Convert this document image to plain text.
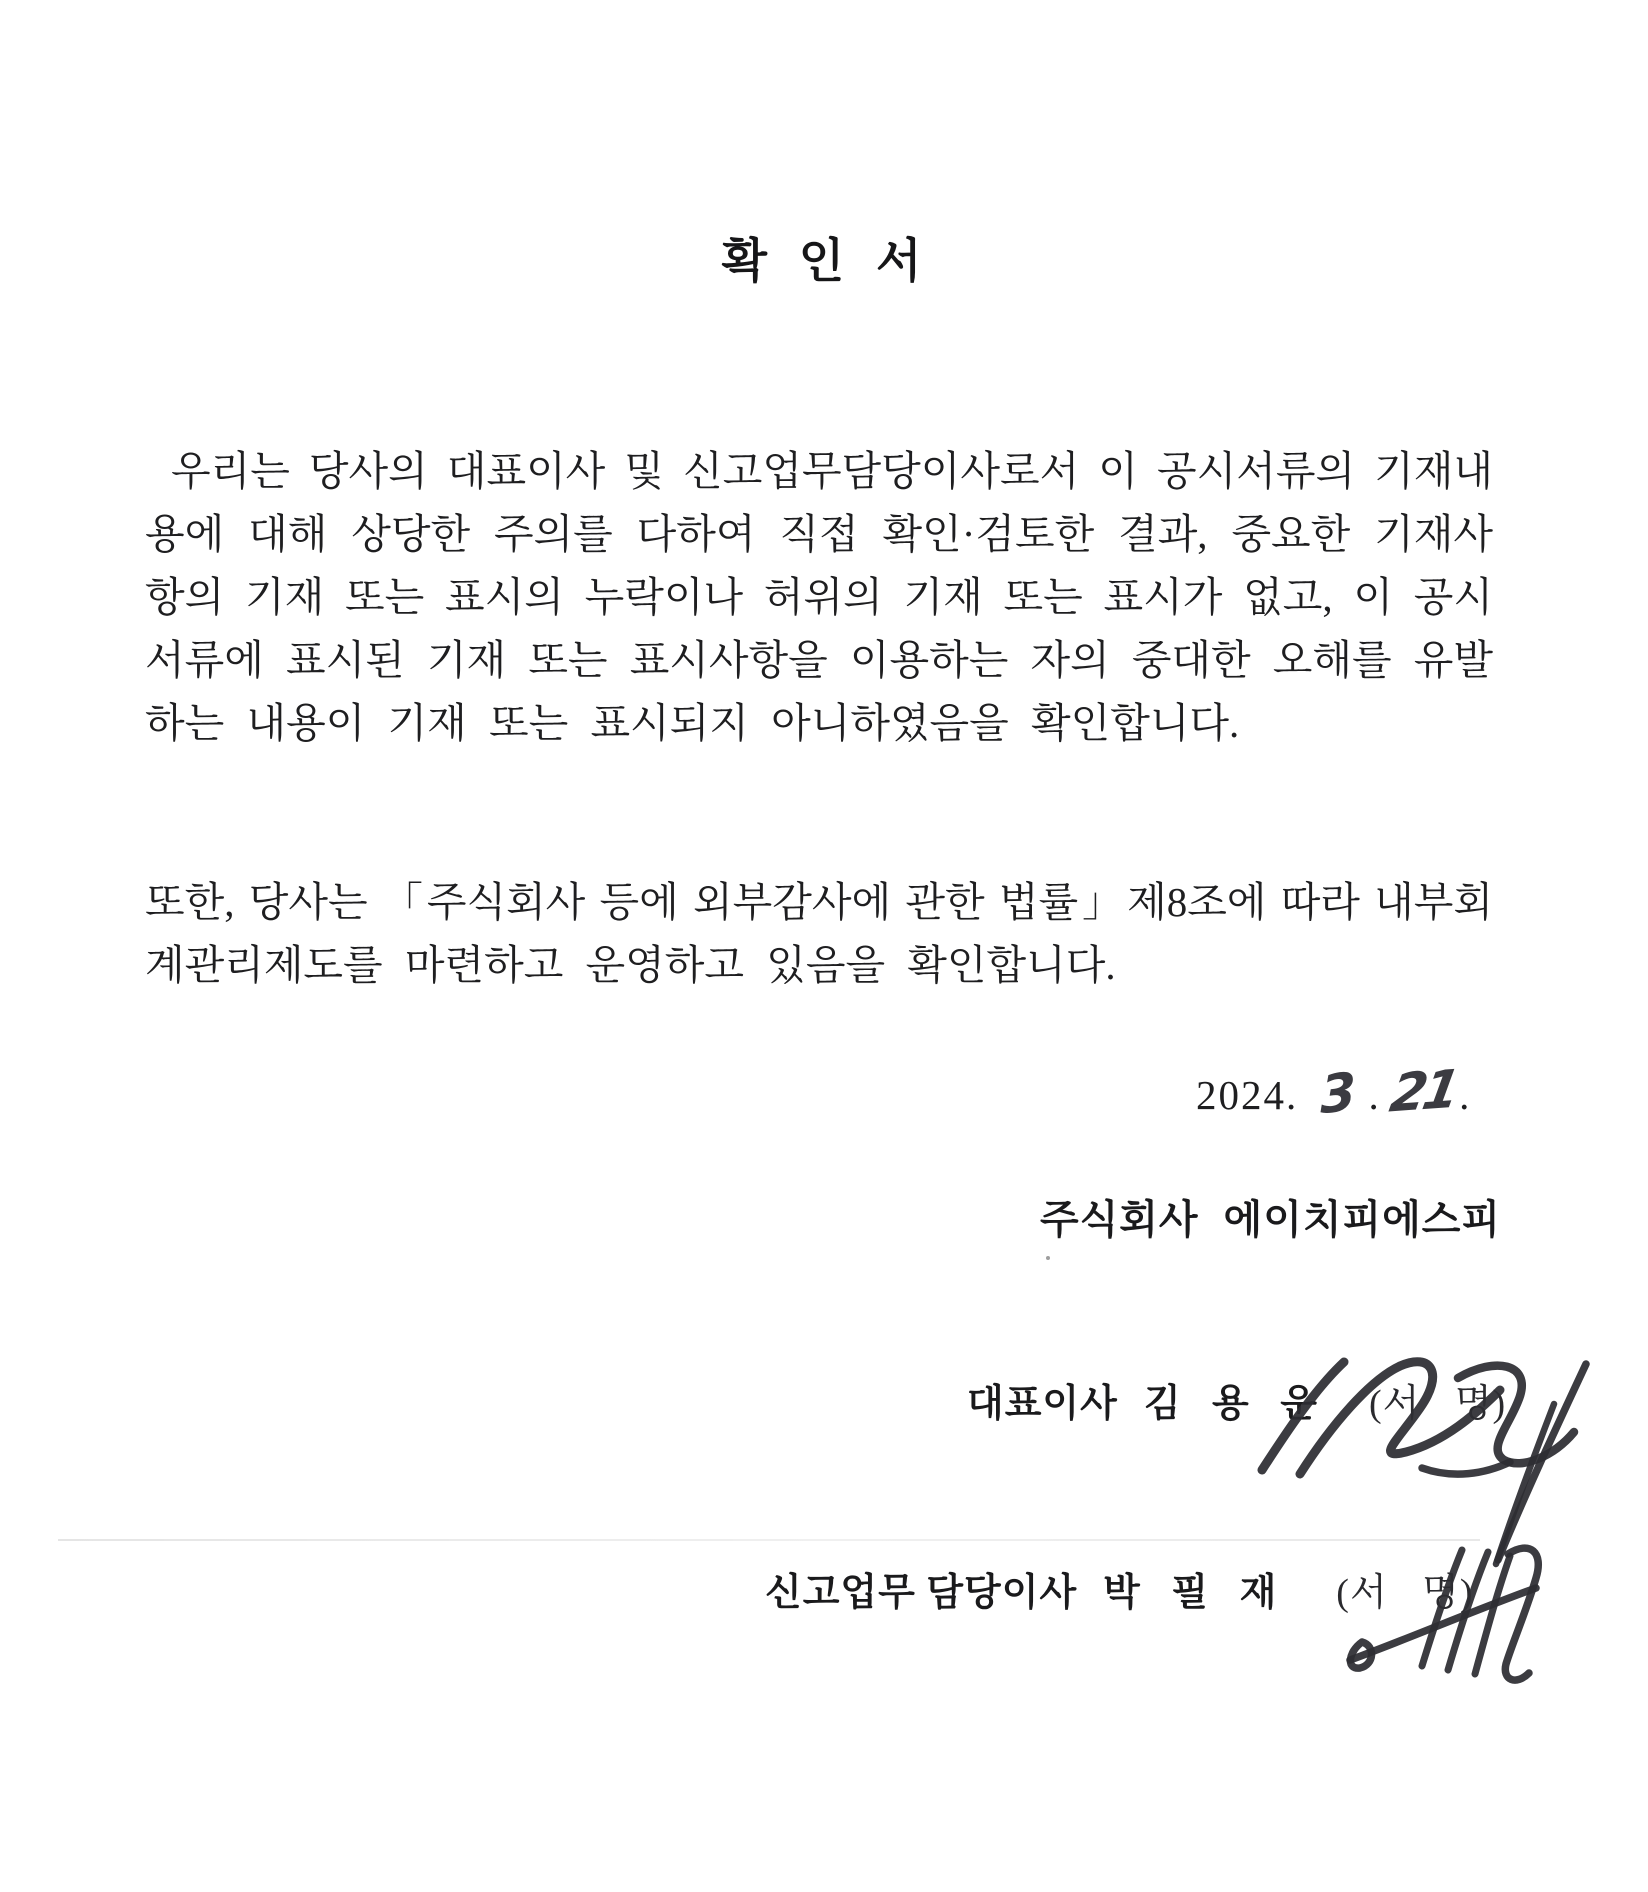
확 인 서
우리는 당사의 대표이사 및 신고업무담당이사로서 이 공시서류의 기재내
용에 대해 상당한 주의를 다하여 직접 확인·검토한 결과, 중요한 기재사
항의 기재 또는 표시의 누락이나 허위의 기재 또는 표시가 없고, 이 공시
서류에 표시된 기재 또는 표시사항을 이용하는 자의 중대한 오해를 유발
하는 내용이 기재 또는 표시되지 아니하였음을 확인합니다.
또한, 당사는 「주식회사 등에 외부감사에 관한 법률」제8조에 따라 내부회
계관리제도를 마련하고 운영하고 있음을 확인합니다.
2024. 3 .21.
주식회사 에이치피에스피
대표이사 김 용 운 (서 명)
신고업무 담당이사 박 필 재 (서 명)
